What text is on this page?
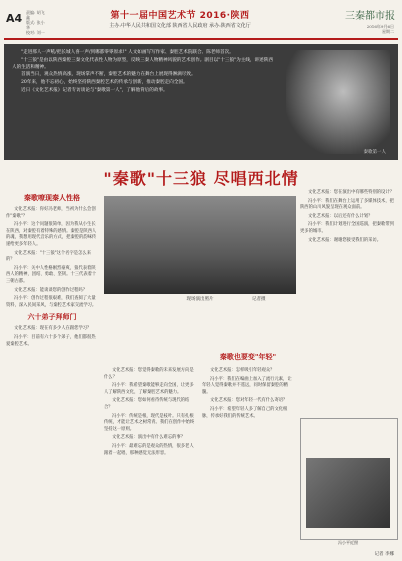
A4 责编: 胡飞鑫
版式: 张小华
校对: 刘一
第十一届中国艺术节 2016·陕西
主办:中华人民共和国文化部 陕西省人民政府 承办:陕西省文化厅
三秦都市报
2016年9月6日
星期二

"走进那人一声吼/把长城人喜一声/到哪都零零原求!" 人文如画写写作家、秦腔艺术院联合、陈老师首次。

"十三狼"是由以陕西秦腔三秦文化代表性人物为原型，反映三秦人物精神风貌的艺术创作。剧目以"十三狼"为主线，讲述陕西人的生活和精神。

首演当日，观众热情高涨，现场掌声不断，秦腔艺术的魅力在舞台上展现得淋漓尽致。

20年来，他不忘初心，始终坚持陕西秦腔艺术的传承与创新，推动秦腔走向全国。

近日《文化艺术报》记者专访谈论与"秦歌第一人"，了解他背后的故事。

秦歌第一人
"秦歌"十三狼 尽唱西北情
秦歌嘹现秦人性格

文化艺术报：你好冯老师，当初为什么会创作"秦歌"？

冯小平：这个问题很简单，因为我从小生长在陕西，对秦腔有着特殊的感情。秦腔是陕西人的魂，我想用现代音乐的方式，把秦腔的韵味传递给更多年轻人。

文化艺术报："十三狼"这个名字是怎么来的？

冯小平：关中人性格刚烈豪爽，狼代表着陕西人的精神，团结、勇敢、坚韧。十三代表着十三朝古都。

文化艺术报：能谈谈您的创作过程吗？

冯小平：创作过程很艰难，我们查阅了大量资料，深入民间采风，与秦腔艺术家交流学习。

六十弟子拜师门

文化艺术报：现在有多少人在跟您学习？

冯小平：目前有六十多个弟子，他们都很热爱秦腔艺术。

现场演出照片	记者摄

文化艺术报：您觉得秦歌的未来发展方向是什么？

冯小平：我希望秦歌能够走向全国，让更多人了解陕西文化，了解秦腔艺术的魅力。

文化艺术报：您如何看待传统与现代的结合？

冯小平：传统是根，现代是枝叶。只有扎根传统，才能让艺术之树常青。我们在创作中始终坚持这一原则。

文化艺术报：演出中有什么难忘的事？

冯小平：最难忘的是观众的热情，很多老人跟着一起唱，那种感觉无法形容。

秦歌也要变"年轻"

文化艺术报：怎样吸引年轻观众？

冯小平：我们在编曲上加入了流行元素，让年轻人觉得秦歌并不遥远，同时保留秦腔的精髓。

文化艺术报：您对年轻一代有什么寄语？

冯小平：希望年轻人多了解自己的文化根脉，传承好我们的传统艺术。

文化艺术报：您在演出中有哪些特别的设计？

冯小平：我们在舞台上运用了多媒体技术，把陕西的山川风貌呈现在观众面前。

文化艺术报：以后还有什么计划？

冯小平：我们计划进行全国巡演，把秦歌带到更多的城市。

文化艺术报：谢谢您接受我们的采访。

冯小平近照
记者 李娜
